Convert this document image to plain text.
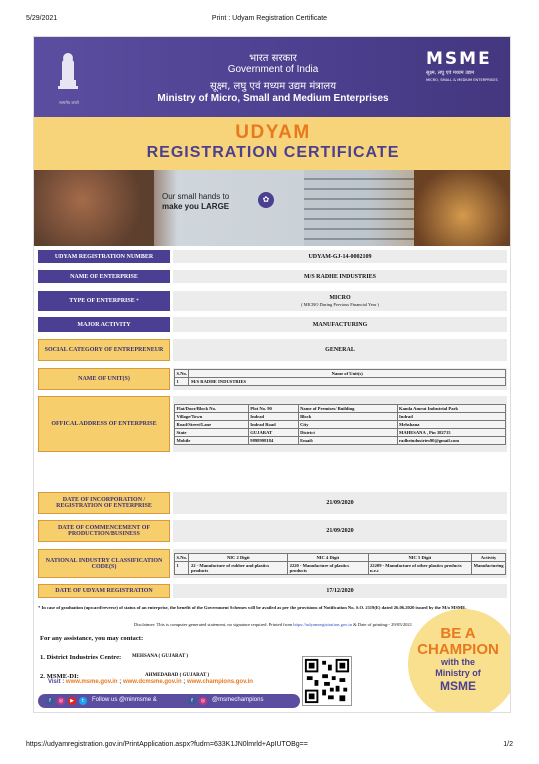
5/29/2021	Print : Udyam Registration Certificate
सत्यमेव जयते
भारत सरकार
Government of India
सूक्ष्म, लघु एवं मध्यम उद्यम मंत्रालय
Ministry of Micro, Small and Medium Enterprises
MSME
सूक्ष्म, लघु एवं मध्यम उद्यम
MICRO, SMALL & MEDIUM ENTERPRISES
UDYAM
REGISTRATION CERTIFICATE
✿
Our small hands to
make you LARGE
UDYAM REGISTRATION NUMBER	UDYAM-GJ-14-0002109
NAME OF ENTERPRISE	M/S RADHE INDUSTRIES
TYPE OF ENTERPRISE
*	MICRO
( MICRO During Previous Financial Year )
MAJOR ACTIVITY	MANUFACTURING
SOCIAL CATEGORY OF ENTREPRENEUR	GENERAL
NAME OF UNIT(S)
S.No.	Name of Unit(s)
1	M/S RADHE INDUSTRIES
OFFICAL ADDRESS OF ENTERPRISE
Flat/Door/Block No.	Plot No. 90	Name of Premises/ Building	Kamla Amrut Industrial Park
Village/Town	Indrad	Block	Indrad
Road/Street/Lane	Indrad Road	City	Mehshana
State	GUJARAT	District	MAHESANA , Pin 382715
Mobile	9898998184	Email:	radheindustries90@gmail.com
DATE OF INCORPORATION / REGISTRATION OF ENTERPRISE	21/09/2020
DATE OF COMMENCEMENT OF PRODUCTION/BUSINESS	21/09/2020
NATIONAL INDUSTRY CLASSIFICATION CODE(S)
S.No.	NIC 2 Digit	NIC 4 Digit	NIC 5 Digit	Activity
1	22 - Manufacture of rubber and plastics products	2220 - Manufacture of plastics products	22209 - Manufacture of other plastics products n.e.c	Manufacturing
DATE OF UDYAM REGISTRATION	17/12/2020
* In case of graduation (upward/reverse) of status of an enterprise, the benefit of the Government Schemes will be availed as per the provisions of Notification No. S.O. 2119(E) dated 26.06.2020 issued by the M/o MSME.
Disclaimer: This is computer generated statement, no signature required. Printed from https://udyamregistration.gov.in & Date of printing:- 29/05/2021
For any assistance, you may contact:
1. District Industries Centre: MEHSANA ( GUJARAT )
2. MSME-DI:	AHMEDABAD ( GUJARAT )
BE A
CHAMPION
with the
Ministry of
MSME
Visit : www.msme.gov.in ; www.dcmsme.gov.in ; www.champions.gov.in
f	◎	▶	t	Follow us @minmsme &	f	◎	@msmechampions
https://udyamregistration.gov.in/PrintApplication.aspx?fudrn=633K1JN0lmrld+ApIUTOBg==	1/2
